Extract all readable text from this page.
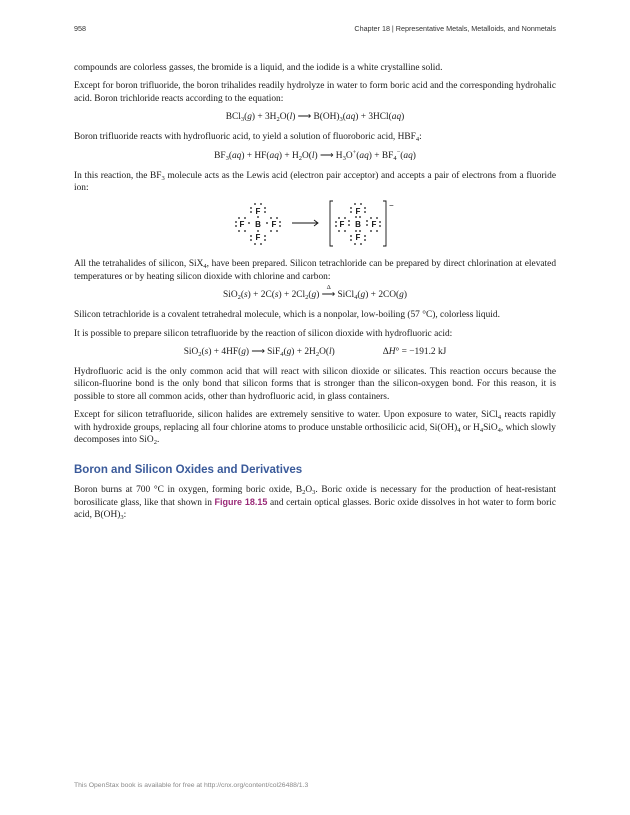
958	Chapter 18 | Representative Metals, Metalloids, and Nonmetals

compounds are colorless gasses, the bromide is a liquid, and the iodide is a white crystalline solid.

Except for boron trifluoride, the boron trihalides readily hydrolyze in water to form boric acid and the corresponding hydrohalic acid. Boron trichloride reacts according to the equation:

$BCl_3(g) + 3H_2O(l)$ ⟶ $B(OH)_3(aq) + 3HCl(aq)$

Boron trifluoride reacts with hydrofluoric acid, to yield a solution of fluoroboric acid, $HBF_4$:

$BF_3(aq) + HF(aq) + H_2O(l)$ ⟶ $H_3O^+(aq) + BF_4^-(aq)$

In this reaction, the $BF_3$ molecule acts as the Lewis acid (electron pair acceptor) and accepts a pair of electrons from a fluoride ion:

F
F B F
F
F
F B F
F
−

All the tetrahalides of silicon, SiX$_4$, have been prepared. Silicon tetrachloride can be prepared by direct chlorination at elevated temperatures or by heating silicon dioxide with chlorine and carbon:

$SiO_2(s) + 2C(s) + 2Cl_2(g)$ ⟶
Δ
SiCl$_4$(g) + 2CO(g)

Silicon tetrachloride is a covalent tetrahedral molecule, which is a nonpolar, low-boiling (57 °C), colorless liquid.

It is possible to prepare silicon tetrafluoride by the reaction of silicon dioxide with hydrofluoric acid:

SiO$_2$(s) + 4HF(g) ⟶ $SiF_4(g) + 2H_2O(l)$	ΔH° = −191.2 kJ

Hydrofluoric acid is the only common acid that will react with silicon dioxide or silicates. This reaction occurs because the silicon-fluorine bond is the only bond that silicon forms that is stronger than the silicon-oxygen bond. For this reason, it is possible to store all common acids, other than hydrofluoric acid, in glass containers.

Except for silicon tetrafluoride, silicon halides are extremely sensitive to water. Upon exposure to water, SiCl$_4$ reacts rapidly with hydroxide groups, replacing all four chlorine atoms to produce unstable orthosilicic acid, $Si(OH)_4$ or $H_4SiO_4$, which slowly decomposes into SiO$_2$.

Boron and Silicon Oxides and Derivatives

Boron burns at 700 °C in oxygen, forming boric oxide, $B_2O_3$. Boric oxide is necessary for the production of heat-resistant borosilicate glass, like that shown in Figure 18.15 and certain optical glasses. Boric oxide dissolves in hot water to form boric acid, $B(OH)_3$:

This OpenStax book is available for free at http://cnx.org/content/col26488/1.3
